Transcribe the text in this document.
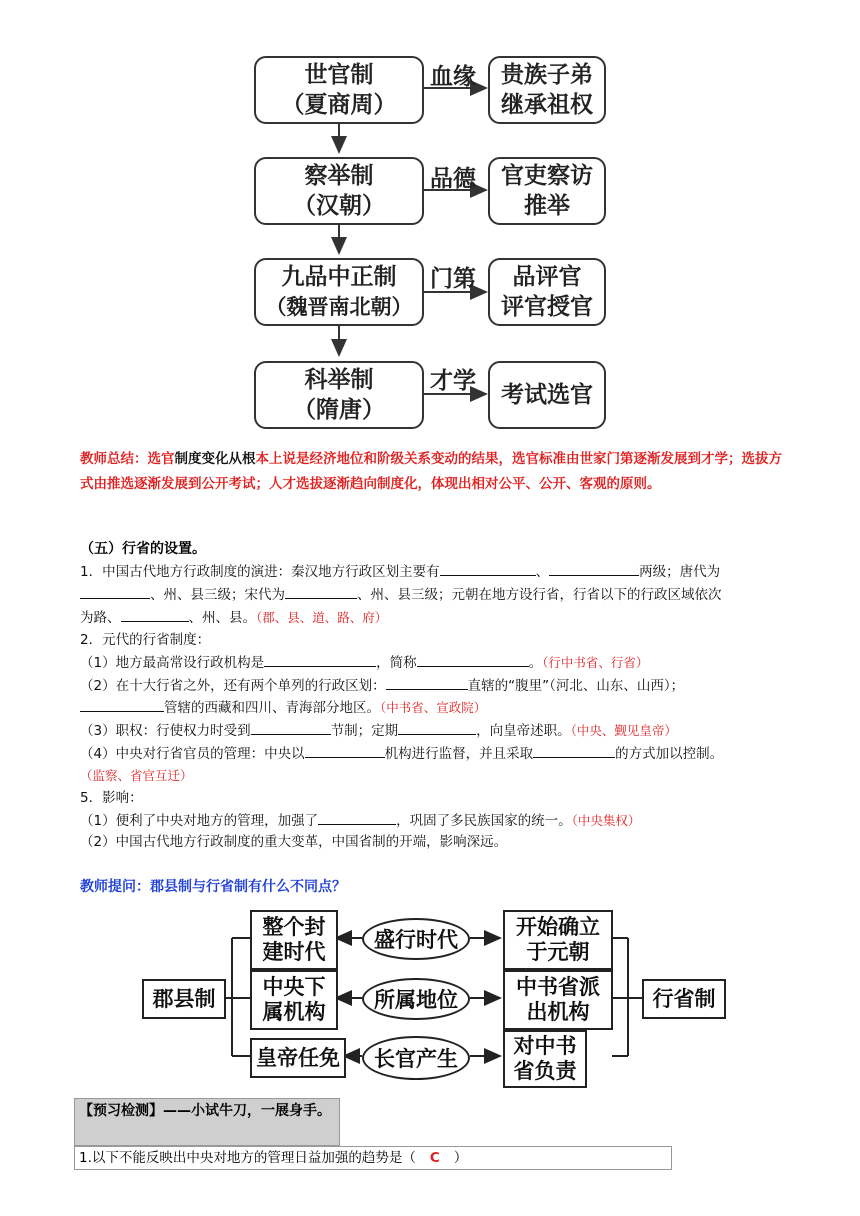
世官制
（夏商周）
血缘 贵族子弟
继承祖权
察举制
（汉朝）
品德 官吏察访
推举
九品中正制
（魏晋南北朝）
门第 品评官
评官授官
科举制
（隋唐）
才学
考试选官
教师总结：选官制度变化从根本上说是经济地位和阶级关系变动的结果，选官标准由世家门第逐渐发展到才学；选拔方式由推选逐渐发展到公开考试；人才选拔逐渐趋向制度化，体现出相对公平、公开、客观的原则。
（五）行省的设置。
1．中国古代地方行政制度的演进：秦汉地方行政区划主要有	、	两级；唐代为
、州、县三级；宋代为	、州、县三级；元朝在地方设行省，行省以下的行政区域依次
为路、	、州、县。（郡、县、道、路、府）
2．元代的行省制度：
（1）地方最高常设行政机构是	，简称	。（行中书省、行省）
（2）在十大行省之外，还有两个单列的行政区划：	直辖的“腹里”（河北、山东、山西）；
管辖的西藏和四川、青海部分地区。（中书省、宣政院）
（3）职权：行使权力时受到	节制；定期	，向皇帝述职。（中央、觐见皇帝）
（4）中央对行省官员的管理：中央以	机构进行监督，并且采取	的方式加以控制。
（监察、省官互迁）
5．影响：
（1）便利了中央对地方的管理，加强了	，巩固了多民族国家的统一。（中央集权）
（2）中国古代地方行政制度的重大变革，中国省制的开端，影响深远。
教师提问：郡县制与行省制有什么不同点？
郡县制	行省制
整个封
建时代	盛行时代
开始确立
于元朝
中央下
属机构	所属地位
中书省派
出机构
皇帝任免	长官产生
对中书
省负责
【预习检测】——小试牛刀，一展身手。
1.以下不能反映出中央对地方的管理日益加强的趋势是（ C ）
